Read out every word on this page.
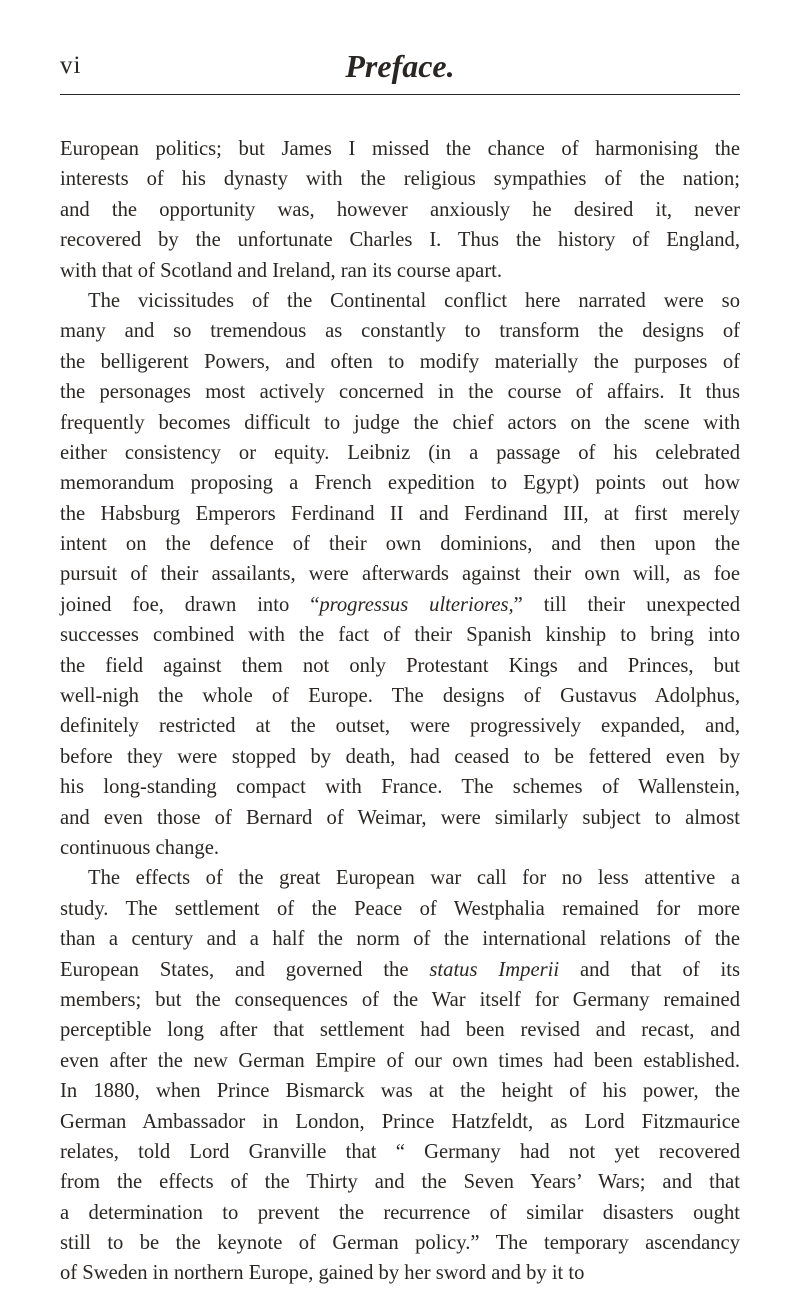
vi	Preface.
European politics; but James I missed the chance of harmonising the
interests of his dynasty with the religious sympathies of the nation;
and the opportunity was, however anxiously he desired it, never
recovered by the unfortunate Charles I. Thus the history of England,
with that of Scotland and Ireland, ran its course apart.
The vicissitudes of the Continental conflict here narrated were so
many and so tremendous as constantly to transform the designs of
the belligerent Powers, and often to modify materially the purposes of
the personages most actively concerned in the course of affairs. It thus
frequently becomes difficult to judge the chief actors on the scene with
either consistency or equity. Leibniz (in a passage of his celebrated
memorandum proposing a French expedition to Egypt) points out how
the Habsburg Emperors Ferdinand II and Ferdinand III, at first merely
intent on the defence of their own dominions, and then upon the
pursuit of their assailants, were afterwards against their own will, as foe
joined foe, drawn into “progressus ulteriores,” till their unexpected
successes combined with the fact of their Spanish kinship to bring into
the field against them not only Protestant Kings and Princes, but
well-nigh the whole of Europe. The designs of Gustavus Adolphus,
definitely restricted at the outset, were progressively expanded, and,
before they were stopped by death, had ceased to be fettered even by
his long-standing compact with France. The schemes of Wallenstein,
and even those of Bernard of Weimar, were similarly subject to almost
continuous change.
The effects of the great European war call for no less attentive a
study. The settlement of the Peace of Westphalia remained for more
than a century and a half the norm of the international relations of the
European States, and governed the status Imperii and that of its
members; but the consequences of the War itself for Germany remained
perceptible long after that settlement had been revised and recast, and
even after the new German Empire of our own times had been established.
In 1880, when Prince Bismarck was at the height of his power, the
German Ambassador in London, Prince Hatzfeldt, as Lord Fitzmaurice
relates, told Lord Granville that “ Germany had not yet recovered
from the effects of the Thirty and the Seven Years’ Wars; and that
a determination to prevent the recurrence of similar disasters ought
still to be the keynote of German policy.” The temporary ascendancy
of Sweden in northern Europe, gained by her sword and by it to
